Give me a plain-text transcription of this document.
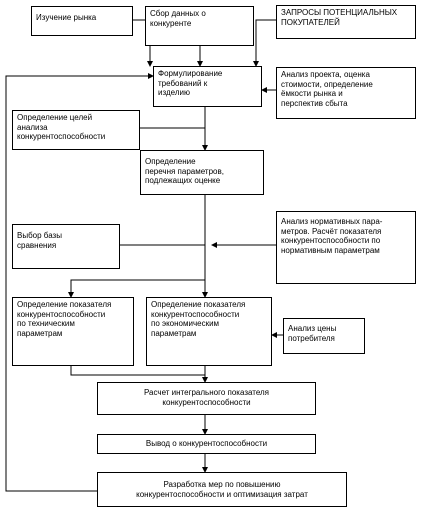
Изучение рынка	Сбор данных о
конкуренте
ЗАПРОСЫ ПОТЕНЦИАЛЬНЫХ
ПОКУПАТЕЛЕЙ
Формулирование
требований к
изделию
Анализ проекта, оценка
стоимости, определение
ёмкости рынка и
перспектив сбыта
Определение целей
анализа
конкурентоспособности
Определение
перечня параметров,
подлежащих оценке
Выбор базы
сравнения
Анализ нормативных пара-
метров. Расчёт показателя
конкурентоспособности по
нормативным параметрам
Определение показателя
конкурентоспособности
по техническим
параметрам
Определение показателя
конкурентоспособности
по экономическим
параметрам
Анализ цены
потребителя
Расчет интегрального показателя
конкурентоспособности
Вывод о конкурентоспособности
Разработка мер по повышению
конкурентоспособности и оптимизация затрат
